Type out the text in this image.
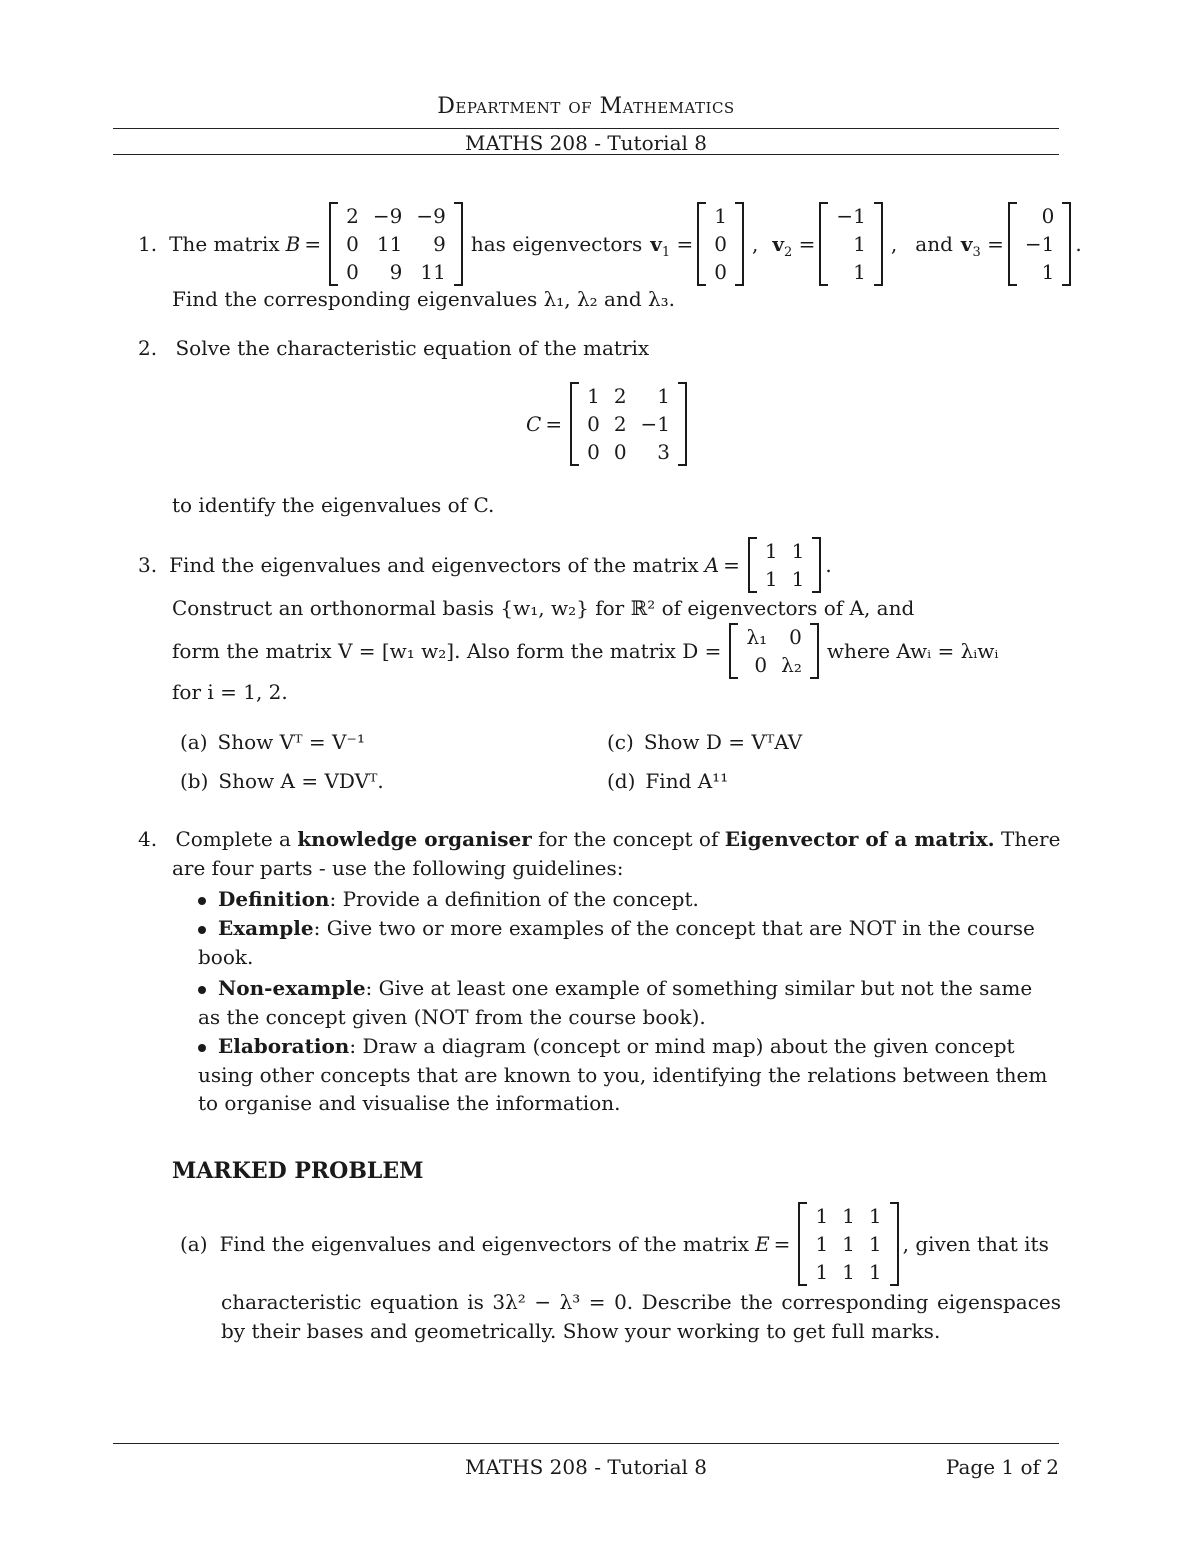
Department of Mathematics
MATHS 208 - Tutorial 8
1. The matrix B =
2	−9	−9
0	11	9
0	9	11
has eigenvectors $v_1$ =
1
0
0
, $v_2$ =
−1
1
1
, and $v_3$ =
0
−1
1
.
Find the corresponding eigenvalues λ₁, λ₂ and λ₃.
2. Solve the characteristic equation of the matrix
C =
1	2	1
0	2	−1
0	0	3
to identify the eigenvalues of C.
3. Find the eigenvalues and eigenvectors of the matrix A =
1	1
1	1
.
Construct an orthonormal basis {w₁, w₂} for ℝ² of eigenvectors of A, and
form the matrix V = [w₁ w₂]. Also form the matrix D =
λ₁	0
0	λ₂
where Awᵢ = λᵢwᵢ
for i = 1, 2.
(a) Show Vᵀ = V⁻¹	(c) Show D = VᵀAV
(b) Show A = VDVᵀ.	(d) Find A¹¹
4. Complete a knowledge organiser for the concept of Eigenvector of a matrix. There
are four parts - use the following guidelines:
Definition: Provide a definition of the concept.
Example: Give two or more examples of the concept that are NOT in the course book.
Non-example: Give at least one example of something similar but not the same as the concept given (NOT from the course book).
Elaboration: Draw a diagram (concept or mind map) about the given concept using other concepts that are known to you, identifying the relations between them to organise and visualise the information.
MARKED PROBLEM
(a) Find the eigenvalues and eigenvectors of the matrix E =
1	1	1
1	1	1
1	1	1
, given that its
characteristic equation is 3λ² − λ³ = 0. Describe the corresponding eigenspaces by their bases and geometrically. Show your working to get full marks.
MATHS 208 - Tutorial 8	Page 1 of 2
